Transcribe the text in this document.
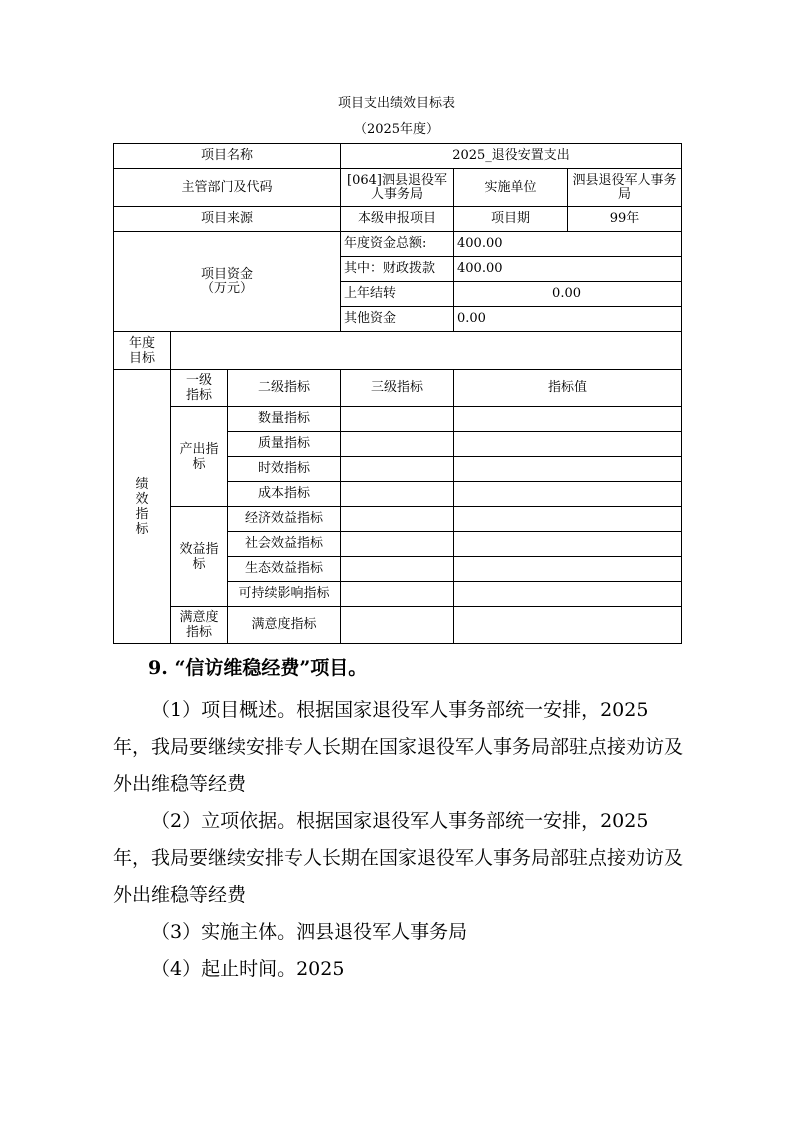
项目支出绩效目标表
（2025年度）
项目名称			2025_退役安置支出		
主管部门及代码			[064]泗县退役军人事务局	实施单位	泗县退役军人事务局
项目来源			本级申报项目	项目期	99年
项目资金
（万元）			年度资金总额:	400.00	
			其中：财政拨款	400.00	
			上年结转	0.00	
			其他资金	0.00	
年度目标					
绩效指标	一级指标	二级指标	三级指标	指标值	
	产出指标	数量指标			
		质量指标			
		时效指标			
		成本指标			
	效益指标	经济效益指标			
		社会效益指标			
		生态效益指标			
		可持续影响指标			
	满意度指标	满意度指标			
9. “信访维稳经费”项目。
（1）项目概述。根据国家退役军人事务部统一安排，2025年，我局要继续安排专人长期在国家退役军人事务局部驻点接劝访及外出维稳等经费
（2）立项依据。根据国家退役军人事务部统一安排，2025年，我局要继续安排专人长期在国家退役军人事务局部驻点接劝访及外出维稳等经费
（3）实施主体。泗县退役军人事务局
（4）起止时间。2025
